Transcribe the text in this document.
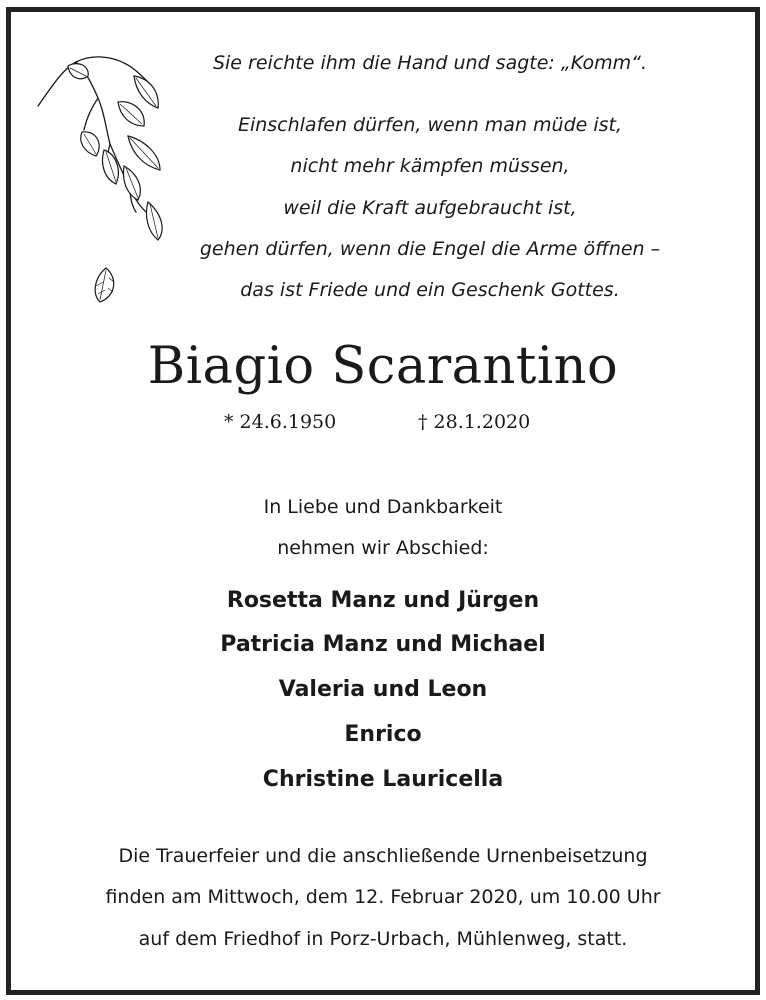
Sie reichte ihm die Hand und sagte: „Komm“.
Einschlafen dürfen, wenn man müde ist,
nicht mehr kämpfen müssen,
weil die Kraft aufgebraucht ist,
gehen dürfen, wenn die Engel die Arme öffnen –
das ist Friede und ein Geschenk Gottes.
Biagio Scarantino
* 24.6.1950	† 28.1.2020
In Liebe und Dankbarkeit
nehmen wir Abschied:
Rosetta Manz und Jürgen
Patricia Manz und Michael
Valeria und Leon
Enrico
Christine Lauricella
Die Trauerfeier und die anschließende Urnenbeisetzung
finden am Mittwoch, dem 12. Februar 2020, um 10.00 Uhr
auf dem Friedhof in Porz-Urbach, Mühlenweg, statt.
